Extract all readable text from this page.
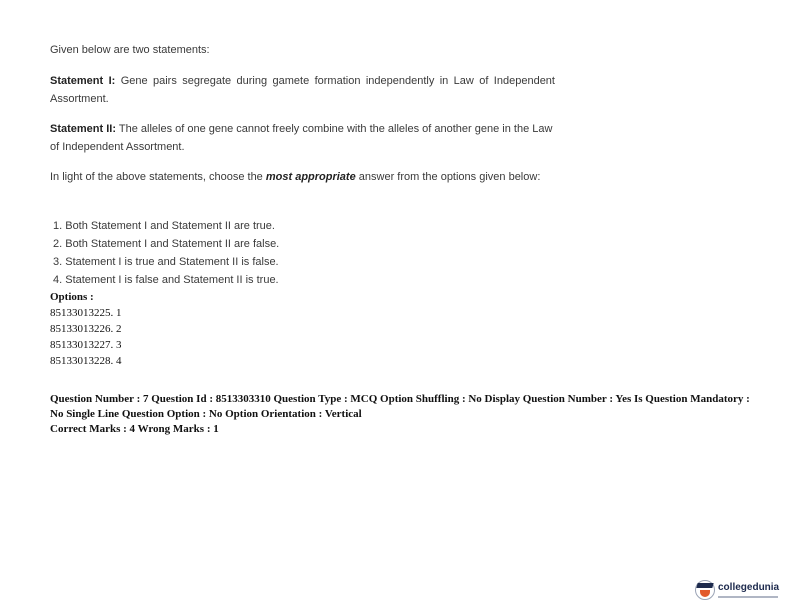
Given below are two statements:
Statement I: Gene pairs segregate during gamete formation independently in Law of Independent Assortment.
Statement II: The alleles of one gene cannot freely combine with the alleles of another gene in the Law of Independent Assortment.
In light of the above statements, choose the most appropriate answer from the options given below:
1. Both Statement I and Statement II are true.
2. Both Statement I and Statement II are false.
3. Statement I is true and Statement II is false.
4. Statement I is false and Statement II is true.
Options :
85133013225. 1
85133013226. 2
85133013227. 3
85133013228. 4
Question Number : 7 Question Id : 8513303310 Question Type : MCQ Option Shuffling : No Display Question Number : Yes Is Question Mandatory : No Single Line Question Option : No Option Orientation : Vertical
Correct Marks : 4 Wrong Marks : 1
collegedunia
